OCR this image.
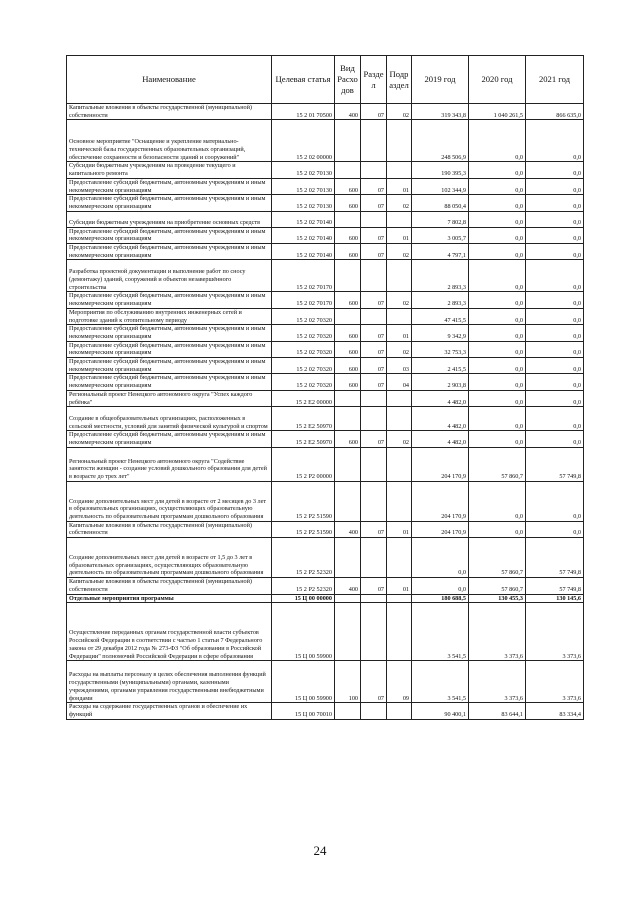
Наименование	Целевая статья	Вид Расхо дов	Разде л	Подр аздел	2019 год	2020 год	2021 год
Капитальные вложения в объекты государственной (муниципальной) собственности	15 2 01 70500	400	07	02	319 343,8	1 040 261,5	866 635,0
Основное мероприятие "Оснащение и укрепление материально-технической базы государственных образовательных организаций, обеспечение сохранности и безопасности зданий и сооружений"	15 2 02 00000				248 506,9	0,0	0,0
Субсидии бюджетным учреждениям на проведение текущего и капитального ремонта	15 2 02 70130				190 395,3	0,0	0,0
Предоставление субсидий бюджетным, автономным учреждениям и иным некоммерческим организациям	15 2 02 70130	600	07	01	102 344,9	0,0	0,0
Предоставление субсидий бюджетным, автономным учреждениям и иным некоммерческим организациям	15 2 02 70130	600	07	02	88 050,4	0,0	0,0
Субсидии бюджетным учреждениям на приобретение основных средств	15 2 02 70140				7 802,8	0,0	0,0
Предоставление субсидий бюджетным, автономным учреждениям и иным некоммерческим организациям	15 2 02 70140	600	07	01	3 005,7	0,0	0,0
Предоставление субсидий бюджетным, автономным учреждениям и иным некоммерческим организациям	15 2 02 70140	600	07	02	4 797,1	0,0	0,0
Разработка проектной документации и выполнение работ по сносу (демонтажу) зданий, сооружений и объектов незавершённого строительства	15 2 02 70170				2 893,3	0,0	0,0
Предоставление субсидий бюджетным, автономным учреждениям и иным некоммерческим организациям	15 2 02 70170	600	07	02	2 893,3	0,0	0,0
Мероприятия по обслуживанию внутренних инженерных сетей и подготовке зданий к отопительному периоду	15 2 02 70320				47 415,5	0,0	0,0
Предоставление субсидий бюджетным, автономным учреждениям и иным некоммерческим организациям	15 2 02 70320	600	07	01	9 342,9	0,0	0,0
Предоставление субсидий бюджетным, автономным учреждениям и иным некоммерческим организациям	15 2 02 70320	600	07	02	32 753,3	0,0	0,0
Предоставление субсидий бюджетным, автономным учреждениям и иным некоммерческим организациям	15 2 02 70320	600	07	03	2 415,5	0,0	0,0
Предоставление субсидий бюджетным, автономным учреждениям и иным некоммерческим организациям	15 2 02 70320	600	07	04	2 903,8	0,0	0,0
Региональный проект Ненецкого автономного округа "Успех каждого ребёнка"	15 2 E2 00000				4 482,0	0,0	0,0
Создание в общеобразовательных организациях, расположенных в сельской местности, условий для занятий физической культурой и спортом	15 2 E2 50970				4 482,0	0,0	0,0
Предоставление субсидий бюджетным, автономным учреждениям и иным некоммерческим организациям	15 2 E2 50970	600	07	02	4 482,0	0,0	0,0
Региональный проект Ненецкого автономного округа "Содействие занятости женщин - создание условий дошкольного образования для детей в возрасте до трех лет"	15 2 P2 00000				204 170,9	57 860,7	57 749,8
Создание дополнительных мест для детей в возрасте от 2 месяцев до 3 лет в образовательных организациях, осуществляющих образовательную деятельность по образовательным программам дошкольного образования	15 2 P2 51590				204 170,9	0,0	0,0
Капитальные вложения в объекты государственной (муниципальной) собственности	15 2 P2 51590	400	07	01	204 170,9	0,0	0,0
Создание дополнительных мест для детей в возрасте от 1,5 до 3 лет в образовательных организациях, осуществляющих образовательную деятельность по образовательным программам дошкольного образования	15 2 P2 52320				0,0	57 860,7	57 749,8
Капитальные вложения в объекты государственной (муниципальной) собственности	15 2 P2 52320	400	07	01	0,0	57 860,7	57 749,8
Отдельные мероприятия программы	15 Ц 00 00000				180 688,5	130 455,3	130 145,6
Осуществление переданных органам государственной власти субъектов Российской Федерации в соответствии с частью 1 статьи 7 Федерального закона от 29 декабря 2012 года № 273-ФЗ "Об образовании в Российской Федерации" полномочий Российской Федерации в сфере образования	15 Ц 00 59900				3 541,5	3 373,6	3 373,6
Расходы на выплаты персоналу в целях обеспечения выполнения функций государственными (муниципальными) органами, казенными учреждениями, органами управления государственными внебюджетными фондами	15 Ц 00 59900	100	07	09	3 541,5	3 373,6	3 373,6
Расходы на содержание государственных органов и обеспечение их функций	15 Ц 00 70010				90 400,1	83 644,1	83 334,4
24
